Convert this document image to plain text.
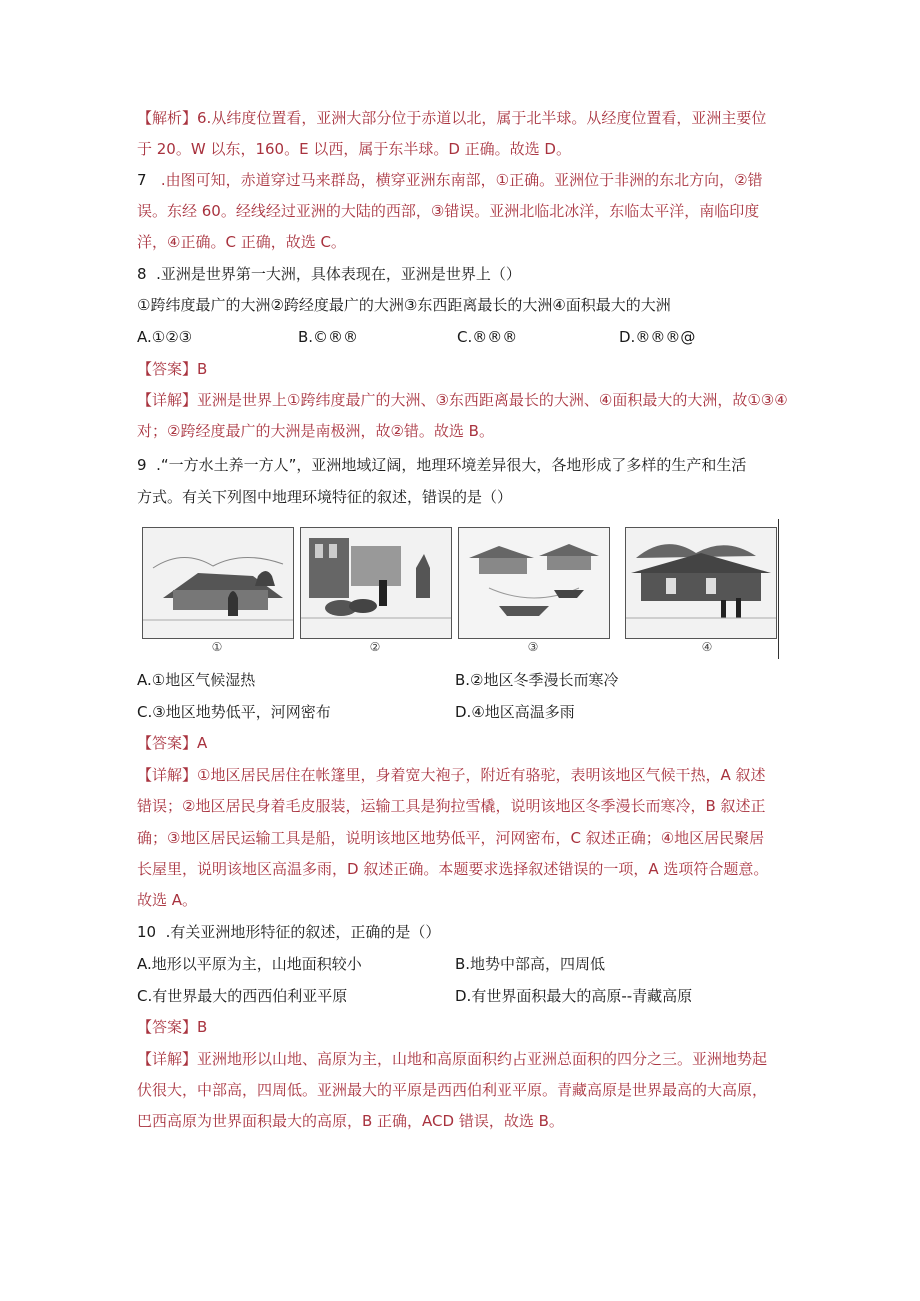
【解析】6.从纬度位置看，亚洲大部分位于赤道以北，属于北半球。从经度位置看，亚洲主要位
于 20。W 以东，160。E 以西，属于东半球。D 正确。故选 D。
7 .由图可知，赤道穿过马来群岛，横穿亚洲东南部，①正确。亚洲位于非洲的东北方向，②错
误。东经 60。经线经过亚洲的大陆的西部，③错误。亚洲北临北冰洋，东临太平洋，南临印度
洋，④正确。C 正确，故选 C。
8 .亚洲是世界第一大洲，具体表现在，亚洲是世界上（）
①跨纬度最广的大洲②跨经度最广的大洲③东西距离最长的大洲④面积最大的大洲
A.①②③	B.©®®	C.®®®	D.®®®@
【答案】B
【详解】亚洲是世界上①跨纬度最广的大洲、③东西距离最长的大洲、④面积最大的大洲，故①③④
对；②跨经度最广的大洲是南极洲，故②错。故选 B。
9 .“一方水土养一方人”，亚洲地域辽阔，地理环境差异很大，各地形成了多样的生产和生活
方式。有关下列图中地理环境特征的叙述，错误的是（）
①	②	③	④
A.①地区气候湿热	B.②地区冬季漫长而寒冷
C.③地区地势低平，河网密布	D.④地区高温多雨
【答案】A
【详解】①地区居民居住在帐篷里，身着宽大袍子，附近有骆驼，表明该地区气候干热，A 叙述
错误；②地区居民身着毛皮服装，运输工具是狗拉雪橇，说明该地区冬季漫长而寒冷，B 叙述正
确；③地区居民运输工具是船，说明该地区地势低平，河网密布，C 叙述正确；④地区居民聚居
长屋里，说明该地区高温多雨，D 叙述正确。本题要求选择叙述错误的一项，A 选项符合题意。
故选 A。
10 .有关亚洲地形特征的叙述，正确的是（）
A.地形以平原为主，山地面积较小	B.地势中部高，四周低
C.有世界最大的西西伯利亚平原	D.有世界面积最大的高原--青藏高原
【答案】B
【详解】亚洲地形以山地、高原为主，山地和高原面积约占亚洲总面积的四分之三。亚洲地势起
伏很大，中部高，四周低。亚洲最大的平原是西西伯利亚平原。青藏高原是世界最高的大高原，
巴西高原为世界面积最大的高原，B 正确，ACD 错误，故选 B。
